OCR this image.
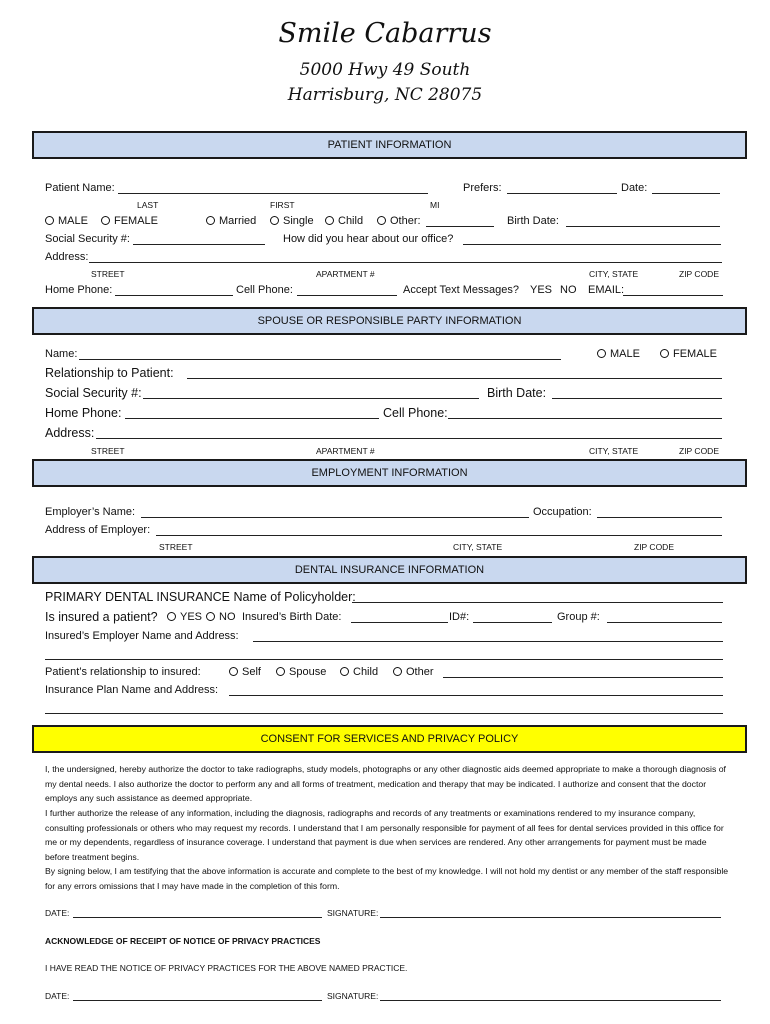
Smile Cabarrus
5000 Hwy 49 South
Harrisburg, NC 28075
PATIENT INFORMATION
Patient Name:	Prefers:	Date:
LAST	FIRST	MI
MALE	FEMALE	Married	Single	Child	Other:	Birth Date:
Social Security #:	How did you hear about our office?
Address:
STREET	APARTMENT #	CITY, STATE	ZIP CODE
Home Phone:	Cell Phone:	Accept Text Messages? YES NO EMAIL:
SPOUSE OR RESPONSIBLE PARTY INFORMATION
Name:	MALE	FEMALE
Relationship to Patient:
Social Security #:	Birth Date:
Home Phone:	Cell Phone:
Address:
STREET	APARTMENT #	CITY, STATE	ZIP CODE
EMPLOYMENT INFORMATION
Employer’s Name:	Occupation:
Address of Employer:
STREET	CITY, STATE	ZIP CODE
DENTAL INSURANCE INFORMATION
PRIMARY DENTAL INSURANCE Name of Policyholder:
Is insured a patient?	YES	NO Insured’s Birth Date:	ID#:	Group #:
Insured’s Employer Name and Address:
Patient’s relationship to insured:	Self	Spouse	Child	Other
Insurance Plan Name and Address:
CONSENT FOR SERVICES AND PRIVACY POLICY
I, the undersigned, hereby authorize the doctor to take radiographs, study models, photographs or any other diagnostic aids deemed appropriate to make a thorough diagnosis of my dental needs. I also authorize the doctor to perform any and all forms of treatment, medication and therapy that may be indicated. I authorize and consent that the doctor employs any such assistance as deemed appropriate.
I further authorize the release of any information, including the diagnosis, radiographs and records of any treatments or examinations rendered to my insurance company, consulting professionals or others who may request my records. I understand that I am personally responsible for payment of all fees for dental services provided in this office for me or my dependents, regardless of insurance coverage. I understand that payment is due when services are rendered. Any other arrangements for payment must be made before treatment begins.
By signing below, I am testifying that the above information is accurate and complete to the best of my knowledge. I will not hold my dentist or any member of the staff responsible for any errors omissions that I may have made in the completion of this form.
DATE:	SIGNATURE:
ACKNOWLEDGE OF RECEIPT OF NOTICE OF PRIVACY PRACTICES
I HAVE READ THE NOTICE OF PRIVACY PRACTICES FOR THE ABOVE NAMED PRACTICE.
DATE:	SIGNATURE:
